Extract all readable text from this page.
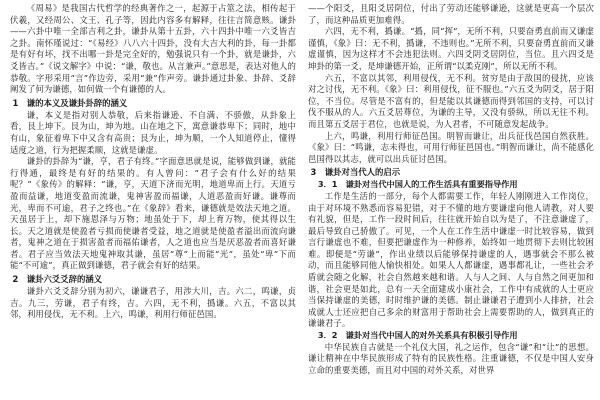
《周易》是我国古代哲学的经典著作之一，起源于占筮之法，相传起于伏羲，又经周公、文王、孔子等，因此内容多有解释，往往言简意赅。谦卦——六卦中唯一全部吉利之卦，谦卦从第十五卦，六十四卦中唯一六爻皆吉之卦。南怀瑾说过：“《易经》八八六十四卦，没有大吉大利的卦，每一卦都是有好有坏，找不出哪一卦是完全好的，勉强说只有一个卦，就是谦卦，六爻皆吉。”《说文解字》中说：“谦，敬也。从言兼声。”意思是，表达对他人的恭敬。字形采用“言”作边旁，采用“兼”作声旁。谦卦通过卦象、卦辞、爻辞阐发了何为谦德，如何做一个有谦德的人。

1　谦的本义及谦卦卦辞的涵义

谦，本义是指对别人恭敬，后来指谦逊、不自满、不骄傲，从卦象上看，艮上坤下。艮为山，坤为地。山在地之下，寓意谦恭卑下；同时，地中有山，象征着卑下中又含有高贵；艮为止，坤为顺，一个人知道停止，懂得适度之道，行为把握柔顺，这就是谦虚。

谦卦的卦辞为“谦，亨，君子有终。”字面意思就是说，能够做到谦，就能行得通，最终是有好的结果的。有人曾问：“君子会有什么好的结果呢？”《象传》的解释：“谦，亨，天道下济而光明，地道卑而上行。天道亏盈而益谦，地道变盈而流谦，鬼神害盈而福谦，人道恶盈而好谦。谦尊而光，卑而不可逾，君子之终也。”在《象辞》看来，谦德就是效法天地之道。天虽居于上，却下施恩泽与万物；地虽处于下，却上育万物，使其得以生长。天之道就是使盈者亏损而使谦者受益，地之道就是使盈者溢出而流向谦者，鬼神之道在于损害盈者而福佑谦者，人之道也应当是厌恶盈者而喜好谦者。君子应当效法天地鬼神取其谦，虽居“尊”上而能“光”，虽处“卑”下而能“不可逾”，真正做到谦德，君子就会有好的结果。

2　谦卦六爻爻辞的涵义

谦卦六爻爻辞分别为初六，谦谦君子，用涉大川，吉。六二，鸣谦，贞吉。九三，劳谦，君子有终，吉。六四，无不利，撝谦。六五，不富以其邻，利用侵伐，无不利。上六，鸣谦，利用行师征邑国。

——个阳爻，且阳爻居阴位，付出了劳动还能够谦逊，这就是更高一个层次了，而这种品质更加难得。

六四，无不利，撝谦。“撝，同“挥”，无所不利，只要奋勇直前而又谦虚谨慎，《象》曰：无不利，撝谦，不违则也。”无所不利，只要奋勇直前而又谦虚谨慎，因为这样才不会违犯法则。六四爻阴爻居阴位，当位。且六四爻是坤卦的第一爻，是坤谦德开始，正所谓“以柔克刚”，所以无所不利。

六五，不富以其邻，利用侵伐，无不利。贫穷是由于敌国的侵扰，应该对之讨伐，无不利。《象》曰：利用侵伐，征不服也。”六五爻为阴爻，居于阳位，不当位。尽管是不富有的，但是能以其谦德而得到邻国的支持，可以讨伐不服从的人。六五爻居尊位，为谦的主导，又没有骄纵，所以无往不利。而且第五爻居于君位，也就是说，为人君者，不可随意发起战争。

上六，鸣谦，利用行师征邑国。明智而谦让，出兵征伐邑国自然获胜。《象》曰：“鸣谦，志未得也，可用行师征邑国也。”明智而谦让，尚不能感化邑国得以其志，就可以出兵征讨邑国。

3　谦卦对当代人的启示

3．1　谦卦对当代中国人的工作生活具有重要指导作用

工作是生活的一部分，每个人都需要工作，年轻人刚刚进入工作岗位，由于对环境不熟悉而容易犯错，对于不懂的地方要谦虚向他人请教，对人要有礼貌，但是，工作一段时间后，往往就开始自以为是了，不注意谦虚了，最后导致自己骄傲了。可见，一个人在工作生活中谦虚一时比较容易，做到言行谦虚也不难，但要把谦虚作为一种修养，始终如一地贯彻下去则比较困难。即便是“劳谦”，作出业绩以后能够保持谦虚的人，遇事就会不那么被动，而且能够同他人愉快相处。如果人人都谦虚，遇事都礼让，一些社会矛盾就会随之化解，社会自然越来越和谐。人与人之间、人与自然之间更加和谐，社会更是如此，总有一天全面建成小康社会，工作中有成就的人士更应当保持谦虚的美德，时时维护谦的美德。制止谦谦君子遭到小人排挤，社会成就人士还应把自己多余的财富用于帮助社会上需要帮助的人，做到真正的谦谦君子。

3．2　谦卦对当代中国人的对外关系具有积极引导作用

中华民族自古就是一个礼仪大国，礼之运作，包含“谦”和“让”的思想。谦让精神在中华民族形成了特有的民族性格。注重谦德，不仅是中国人安身立命的重要美德，而且对中国的对外关系，对世界
